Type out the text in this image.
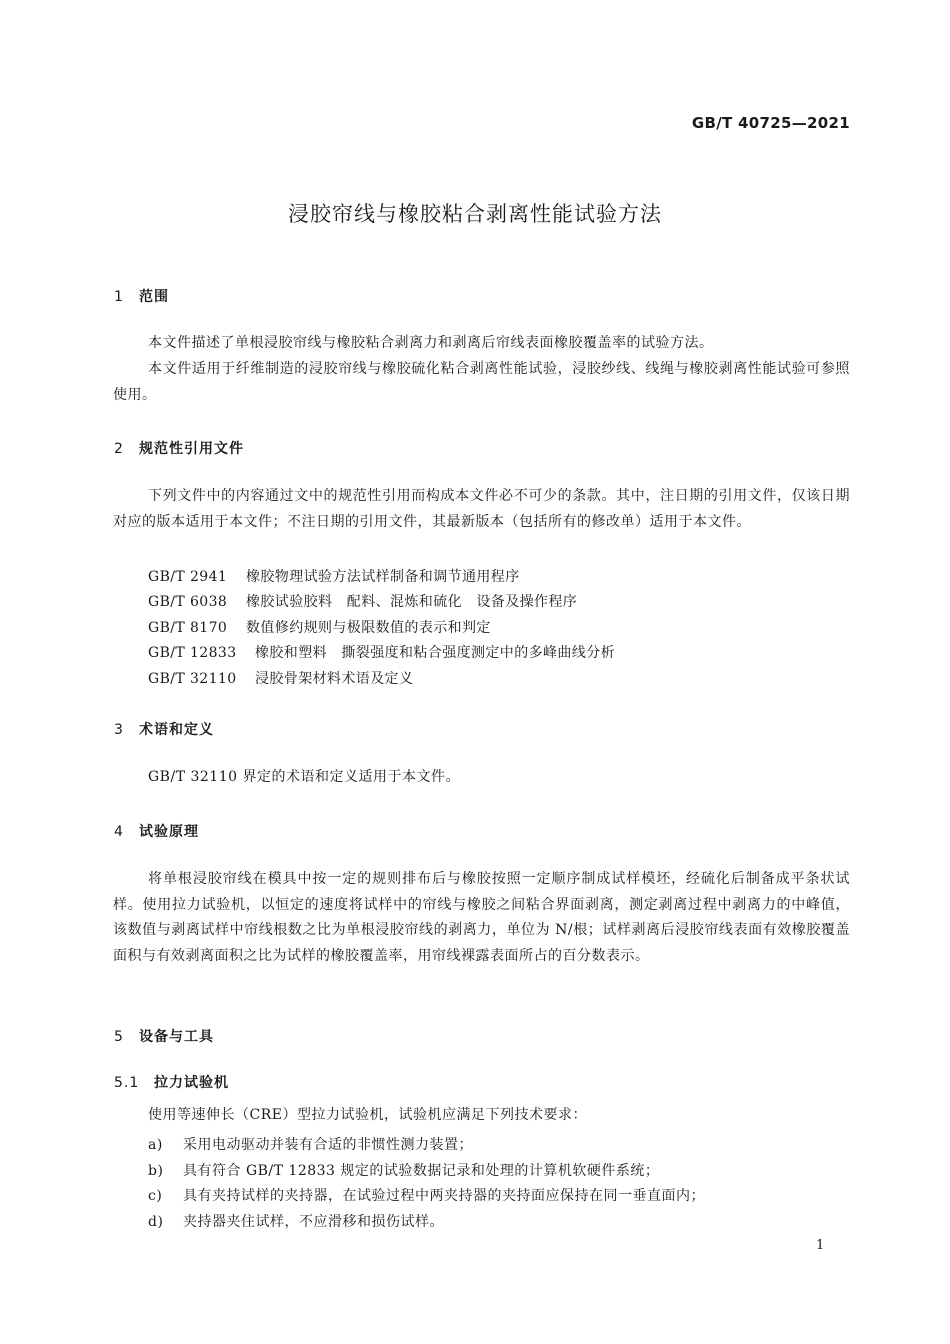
GB/T 40725—2021
浸胶帘线与橡胶粘合剥离性能试验方法
1 范围
本文件描述了单根浸胶帘线与橡胶粘合剥离力和剥离后帘线表面橡胶覆盖率的试验方法。
本文件适用于纤维制造的浸胶帘线与橡胶硫化粘合剥离性能试验，浸胶纱线、线绳与橡胶剥离性能试验可参照使用。
2 规范性引用文件
下列文件中的内容通过文中的规范性引用而构成本文件必不可少的条款。其中，注日期的引用文件，仅该日期对应的版本适用于本文件；不注日期的引用文件，其最新版本（包括所有的修改单）适用于本文件。
GB/T 2941 橡胶物理试验方法试样制备和调节通用程序
GB/T 6038 橡胶试验胶料　配料、混炼和硫化　设备及操作程序
GB/T 8170 数值修约规则与极限数值的表示和判定
GB/T 12833 橡胶和塑料　撕裂强度和粘合强度测定中的多峰曲线分析
GB/T 32110 浸胶骨架材料术语及定义
3 术语和定义
GB/T 32110 界定的术语和定义适用于本文件。
4 试验原理
将单根浸胶帘线在模具中按一定的规则排布后与橡胶按照一定顺序制成试样模坯，经硫化后制备成平条状试样。使用拉力试验机，以恒定的速度将试样中的帘线与橡胶之间粘合界面剥离，测定剥离过程中剥离力的中峰值，该数值与剥离试样中帘线根数之比为单根浸胶帘线的剥离力，单位为 N/根；试样剥离后浸胶帘线表面有效橡胶覆盖面积与有效剥离面积之比为试样的橡胶覆盖率，用帘线裸露表面所占的百分数表示。
5 设备与工具
5.1 拉力试验机
使用等速伸长（CRE）型拉力试验机，试验机应满足下列技术要求：
a) 采用电动驱动并装有合适的非惯性测力装置；
b) 具有符合 GB/T 12833 规定的试验数据记录和处理的计算机软硬件系统；
c) 具有夹持试样的夹持器，在试验过程中两夹持器的夹持面应保持在同一垂直面内；
d) 夹持器夹住试样，不应滑移和损伤试样。
1
